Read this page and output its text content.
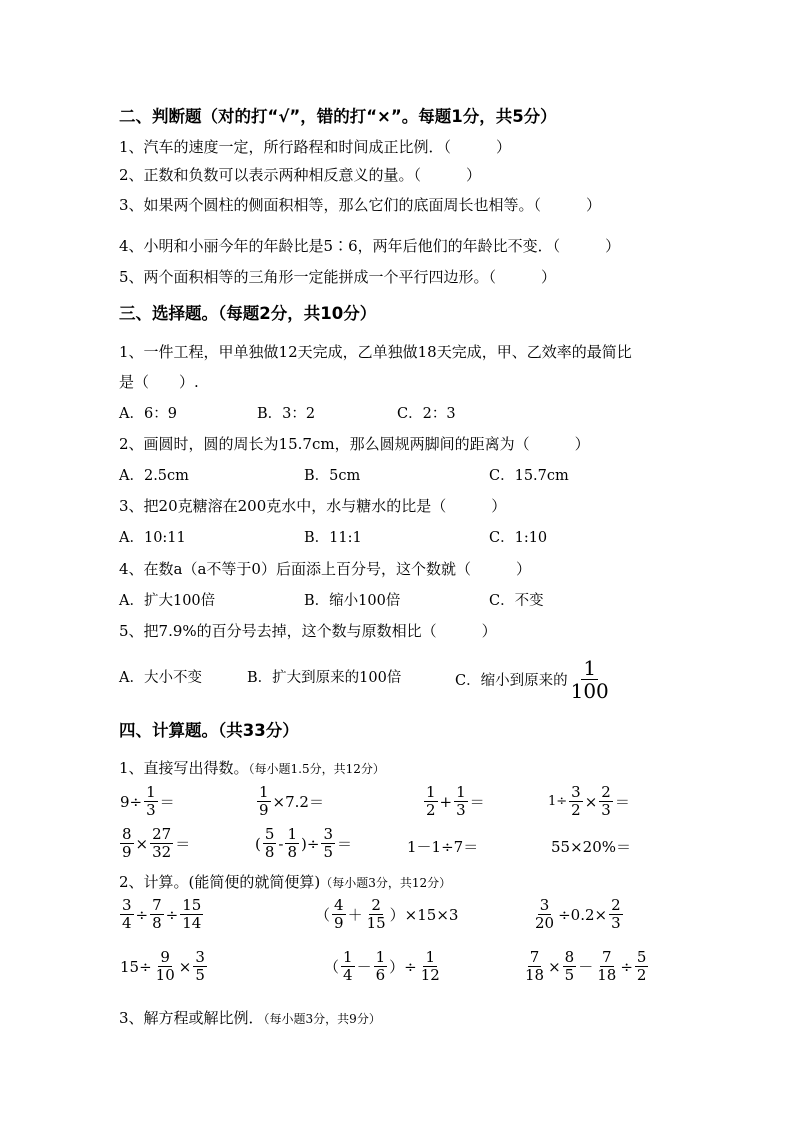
二、判断题（对的打“√”，错的打“×”。每题1分，共5分）
1、汽车的速度一定，所行路程和时间成正比例．（　　　）
2、正数和负数可以表示两种相反意义的量。（　　　）
3、如果两个圆柱的侧面积相等，那么它们的底面周长也相等。（　　　）
4、小明和小丽今年的年龄比是5∶6，两年后他们的年龄比不变．（　　　）
5、两个面积相等的三角形一定能拼成一个平行四边形。（　　　）
三、选择题。（每题2分，共10分）
1、一件工程，甲单独做12天完成，乙单独做18天完成，甲、乙效率的最简比
是（　　）.
A．6：9	B．3：2	C．2：3
2、画圆时，圆的周长为15.7cm，那么圆规两脚间的距离为（　　　）
A．2.5cm	B．5cm	C．15.7cm
3、把20克糖溶在200克水中，水与糖水的比是（　　　）
A．10:11	B．11:1	C．1:10
4、在数a（a不等于0）后面添上百分号，这个数就（　　　）
A．扩大100倍	B．缩小100倍	C．不变
5、把7.9%的百分号去掉，这个数与原数相比（　　　）
A．大小不变	B．扩大到原来的100倍	C．缩小到原来的 $\frac{1}{100}$
四、计算题。（共33分）
1、直接写出得数。（每小题1.5分，共12分）
$9\div \frac{1}{3}$ ＝	$\frac{1}{9} \times 7.2=$	$\frac{1}{2} + \frac{1}{3}$ ＝	$1\div \frac{3}{2} \times \frac{2}{3}$ ＝
$\frac{8}{9} \times \frac{27}{32}$ ＝	( $\frac{5}{8} - \frac{1}{8}$ )÷ $\frac{3}{5}$ ＝	1－1÷7＝	55×20%＝
2、计算。(能简便的就简便算)（每小题3分，共12分）
$\frac{3}{4} \div \frac{7}{8} \div \frac{15}{14}$	（ $\frac{4}{9} + \frac{2}{15} )\times 15\times 3$	$\frac{3}{20} \div 0.2\times \frac{2}{3}$
$15\div \frac{9}{10} \times \frac{3}{5}$	（ $\frac{1}{4} - \frac{1}{6}$ ）÷ $\frac{1}{12}$	$\frac{7}{18} \times \frac{8}{5} - \frac{7}{18} \div \frac{5}{2}$
3、解方程或解比例．（每小题3分，共9分）
